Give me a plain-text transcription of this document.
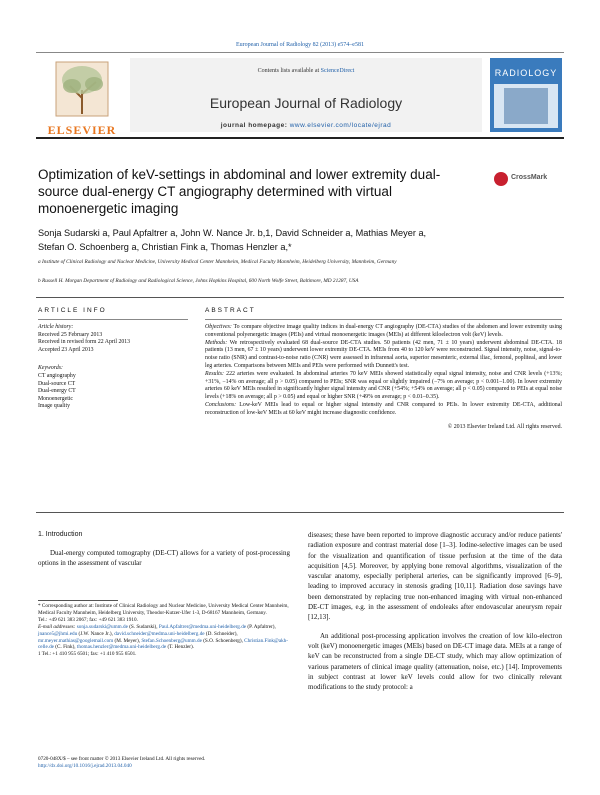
European Journal of Radiology 82 (2013) e574–e581
ELSEVIER
Contents lists available at ScienceDirect
European Journal of Radiology
journal homepage: www.elsevier.com/locate/ejrad
RADIOLOGY
Optimization of keV-settings in abdominal and lower extremity dual-source dual-energy CT angiography determined with virtual monoenergetic imaging
CrossMark
Sonja Sudarski a, Paul Apfaltrer a, John W. Nance Jr. b,1, David Schneider a, Mathias Meyer a,
Stefan O. Schoenberg a, Christian Fink a, Thomas Henzler a,*
a Institute of Clinical Radiology and Nuclear Medicine, University Medical Center Mannheim, Medical Faculty Mannheim, Heidelberg University, Mannheim, Germany
b Russell H. Morgan Department of Radiology and Radiological Science, Johns Hopkins Hospital, 600 North Wolfe Street, Baltimore, MD 21287, USA
ARTICLE INFO	ABSTRACT
Article history:
Received 25 February 2013
Received in revised form 22 April 2013
Accepted 23 April 2013
Keywords:
CT angiography
Dual-source CT
Dual-energy CT
Monoenergetic
Image quality

Objectives: To compare objective image quality indices in dual-energy CT angiography (DE-CTA) studies of the abdomen and lower extremity using conventional polyenergetic images (PEIs) and virtual monoenergetic images (MEIs) at different kiloelectron volt (keV) levels.

Methods: We retrospectively evaluated 68 dual-source DE-CTA studies. 50 patients (42 men, 71 ± 10 years) underwent abdominal DE-CTA. 18 patients (13 men, 67 ± 10 years) underwent lower extremity DE-CTA. MEIs from 40 to 120 keV were reconstructed. Signal intensity, noise, signal-to-noise ratio (SNR) and contrast-to-noise ratio (CNR) were assessed in infrarenal aorta, superior mesenteric, external iliac, femoral, popliteal, and lower leg arteries. Comparisons between MEIs and PEIs were performed with Dunnett's test.

Results: 222 arteries were evaluated. In abdominal arteries 70 keV MEIs showed statistically equal signal intensity, noise and CNR levels (+13%; +31%, −14% on average; all p > 0.05) compared to PEIs; SNR was equal or slightly impaired (−7% on average; p < 0.001–1.00). In lower extremity arteries 60 keV MEIs resulted in significantly higher signal intensity and CNR (+54%; +54% on average; all p < 0.05) compared to PEIs at equal noise levels (+18% on average; all p > 0.05) and equal or higher SNR (+49% on average; p < 0.01–0.35).

Conclusions: Low-keV MEIs lead to equal or higher signal intensity and CNR compared to PEIs. In lower extremity DE-CTA, additional reconstruction of low-keV MEIs at 60 keV might increase diagnostic confidence.

© 2013 Elsevier Ireland Ltd. All rights reserved.

1. Introduction
Dual-energy computed tomography (DE-CT) allows for a variety of post-processing options in the assessment of vascular

diseases; these have been reported to improve diagnostic accuracy and/or reduce patients' radiation exposure and contrast material dose [1–3]. Iodine-selective images can be used for the visualization and quantification of tissue perfusion at the time of the data acquisition [4,5]. Moreover, by applying bone removal algorithms, visualization of the vascular anatomy, especially peripheral arteries, can be significantly improved [6–9], leading to improved accuracy in stenosis grading [10,11]. Radiation dose savings have been demonstrated by replacing true non-enhanced imaging with virtual non-enhanced DE-CT images, e.g. in the assessment of endoleaks after endovascular aneurysm repair [12,13].

An additional post-processing application involves the creation of low kilo-electron volt (keV) monoenergetic images (MEIs) based on DE-CT image data. MEIs at a range of keV can be reconstructed from a single DE-CT study, which may allow optimization of various parameters of clinical image quality (attenuation, noise, etc.) [14]. Improvements in subject contrast at lower keV levels could allow for two clinically relevant modifications to the study protocol: a

* Corresponding author at: Institute of Clinical Radiology and Nuclear Medicine, University Medical Center Mannheim, Medical Faculty Mannheim, Heidelberg University, Theodor-Kutzer-Ufer 1-3, D-68167 Mannheim, Germany.
Tel.: +49 621 383 2067; fax: +49 621 383 1910.
E-mail addresses: sonja.sudarski@umm.de (S. Sudarski), Paul.Apfaltrer@medma.uni-heidelberg.de (P. Apfaltrer), jnance5@jhmi.edu (J.W. Nance Jr.), david.schneider@medma.uni-heidelberg.de (D. Schneider), mr.meyer.mathias@googlemail.com (M. Meyer), Stefan.Schoenberg@umm.de (S.O. Schoenberg), Christian.Fink@akh-celle.de (C. Fink), thomas.henzler@medma.uni-heidelberg.de (T. Henzler).
1 Tel.: +1 410 955 6501; fax: +1 410 955 6501.
0720-048X/$ – see front matter © 2013 Elsevier Ireland Ltd. All rights reserved.
http://dx.doi.org/10.1016/j.ejrad.2013.04.040
